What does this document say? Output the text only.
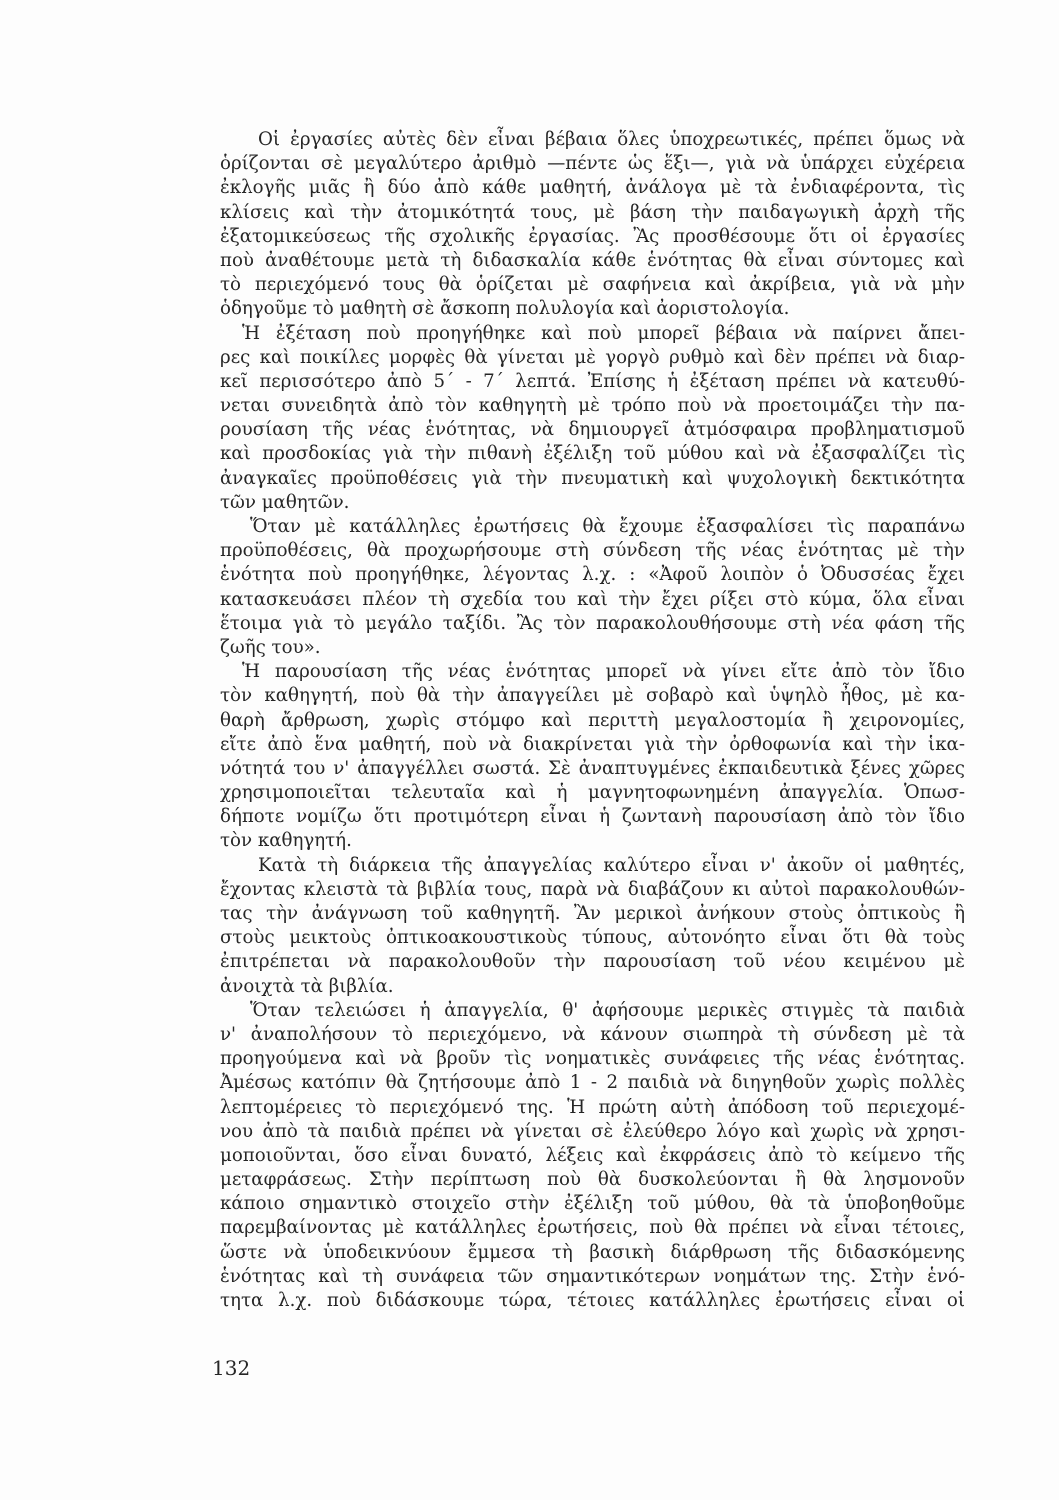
Οἱ ἐργασίες αὐτὲς δὲν εἶναι βέβαια ὅλες ὑποχρεωτικές, πρέπει ὅμως νὰ
ὁρίζονται σὲ μεγαλύτερο ἀριθμὸ —πέντε ὡς ἕξι—, γιὰ νὰ ὑπάρχει εὐχέρεια
ἐκλογῆς μιᾶς ἢ δύο ἀπὸ κάθε μαθητή, ἀνάλογα μὲ τὰ ἐνδιαφέροντα, τὶς
κλίσεις καὶ τὴν ἀτομικότητά τους, μὲ βάση τὴν παιδαγωγικὴ ἀρχὴ τῆς
ἐξατομικεύσεως τῆς σχολικῆς ἐργασίας. Ἂς προσθέσουμε ὅτι οἱ ἐργασίες
ποὺ ἀναθέτουμε μετὰ τὴ διδασκαλία κάθε ἑνότητας θὰ εἶναι σύντομες καὶ
τὸ περιεχόμενό τους θὰ ὁρίζεται μὲ σαφήνεια καὶ ἀκρίβεια, γιὰ νὰ μὴν
ὁδηγοῦμε τὸ μαθητὴ σὲ ἄσκοπη πολυλογία καὶ ἀοριστολογία.
Ἡ ἐξέταση ποὺ προηγήθηκε καὶ ποὺ μπορεῖ βέβαια νὰ παίρνει ἄπει-
ρες καὶ ποικίλες μορφὲς θὰ γίνεται μὲ γοργὸ ρυθμὸ καὶ δὲν πρέπει νὰ διαρ-
κεῖ περισσότερο ἀπὸ 5΄ - 7΄ λεπτά. Ἐπίσης ἡ ἐξέταση πρέπει νὰ κατευθύ-
νεται συνειδητὰ ἀπὸ τὸν καθηγητὴ μὲ τρόπο ποὺ νὰ προετοιμάζει τὴν πα-
ρουσίαση τῆς νέας ἑνότητας, νὰ δημιουργεῖ ἀτμόσφαιρα προβληματισμοῦ
καὶ προσδοκίας γιὰ τὴν πιθανὴ ἐξέλιξη τοῦ μύθου καὶ νὰ ἐξασφαλίζει τὶς
ἀναγκαῖες προϋποθέσεις γιὰ τὴν πνευματικὴ καὶ ψυχολογικὴ δεκτικότητα
τῶν μαθητῶν.
Ὅταν μὲ κατάλληλες ἐρωτήσεις θὰ ἔχουμε ἐξασφαλίσει τὶς παραπάνω
προϋποθέσεις, θὰ προχωρήσουμε στὴ σύνδεση τῆς νέας ἑνότητας μὲ τὴν
ἑνότητα ποὺ προηγήθηκε, λέγοντας λ.χ. : «Ἀφοῦ λοιπὸν ὁ Ὀδυσσέας ἔχει
κατασκευάσει πλέον τὴ σχεδία του καὶ τὴν ἔχει ρίξει στὸ κύμα, ὅλα εἶναι
ἕτοιμα γιὰ τὸ μεγάλο ταξίδι. Ἂς τὸν παρακολουθήσουμε στὴ νέα φάση τῆς
ζωῆς του».
Ἡ παρουσίαση τῆς νέας ἑνότητας μπορεῖ νὰ γίνει εἴτε ἀπὸ τὸν ἴδιο
τὸν καθηγητή, ποὺ θὰ τὴν ἀπαγγείλει μὲ σοβαρὸ καὶ ὑψηλὸ ἦθος, μὲ κα-
θαρὴ ἄρθρωση, χωρὶς στόμφο καὶ περιττὴ μεγαλοστομία ἢ χειρονομίες,
εἴτε ἀπὸ ἕνα μαθητή, ποὺ νὰ διακρίνεται γιὰ τὴν ὀρθοφωνία καὶ τὴν ἱκα-
νότητά του ν' ἀπαγγέλλει σωστά. Σὲ ἀναπτυγμένες ἐκπαιδευτικὰ ξένες χῶρες
χρησιμοποιεῖται τελευταῖα καὶ ἡ μαγνητοφωνημένη ἀπαγγελία. Ὁπωσ-
δήποτε νομίζω ὅτι προτιμότερη εἶναι ἡ ζωντανὴ παρουσίαση ἀπὸ τὸν ἴδιο
τὸν καθηγητή.
Κατὰ τὴ διάρκεια τῆς ἀπαγγελίας καλύτερο εἶναι ν' ἀκοῦν οἱ μαθητές,
ἔχοντας κλειστὰ τὰ βιβλία τους, παρὰ νὰ διαβάζουν κι αὐτοὶ παρακολουθών-
τας τὴν ἀνάγνωση τοῦ καθηγητῆ. Ἂν μερικοὶ ἀνήκουν στοὺς ὀπτικοὺς ἢ
στοὺς μεικτοὺς ὀπτικοακουστικοὺς τύπους, αὐτονόητο εἶναι ὅτι θὰ τοὺς
ἐπιτρέπεται νὰ παρακολουθοῦν τὴν παρουσίαση τοῦ νέου κειμένου μὲ
ἀνοιχτὰ τὰ βιβλία.
Ὅταν τελειώσει ἡ ἀπαγγελία, θ' ἀφήσουμε μερικὲς στιγμὲς τὰ παιδιὰ
ν' ἀναπολήσουν τὸ περιεχόμενο, νὰ κάνουν σιωπηρὰ τὴ σύνδεση μὲ τὰ
προηγούμενα καὶ νὰ βροῦν τὶς νοηματικὲς συνάφειες τῆς νέας ἑνότητας.
Ἀμέσως κατόπιν θὰ ζητήσουμε ἀπὸ 1 - 2 παιδιὰ νὰ διηγηθοῦν χωρὶς πολλὲς
λεπτομέρειες τὸ περιεχόμενό της. Ἡ πρώτη αὐτὴ ἀπόδοση τοῦ περιεχομέ-
νου ἀπὸ τὰ παιδιὰ πρέπει νὰ γίνεται σὲ ἐλεύθερο λόγο καὶ χωρὶς νὰ χρησι-
μοποιοῦνται, ὅσο εἶναι δυνατό, λέξεις καὶ ἐκφράσεις ἀπὸ τὸ κείμενο τῆς
μεταφράσεως. Στὴν περίπτωση ποὺ θὰ δυσκολεύονται ἢ θὰ λησμονοῦν
κάποιο σημαντικὸ στοιχεῖο στὴν ἐξέλιξη τοῦ μύθου, θὰ τὰ ὑποβοηθοῦμε
παρεμβαίνοντας μὲ κατάλληλες ἐρωτήσεις, ποὺ θὰ πρέπει νὰ εἶναι τέτοιες,
ὥστε νὰ ὑποδεικνύουν ἔμμεσα τὴ βασικὴ διάρθρωση τῆς διδασκόμενης
ἑνότητας καὶ τὴ συνάφεια τῶν σημαντικότερων νοημάτων της. Στὴν ἑνό-
τητα λ.χ. ποὺ διδάσκουμε τώρα, τέτοιες κατάλληλες ἐρωτήσεις εἶναι οἱ
132
